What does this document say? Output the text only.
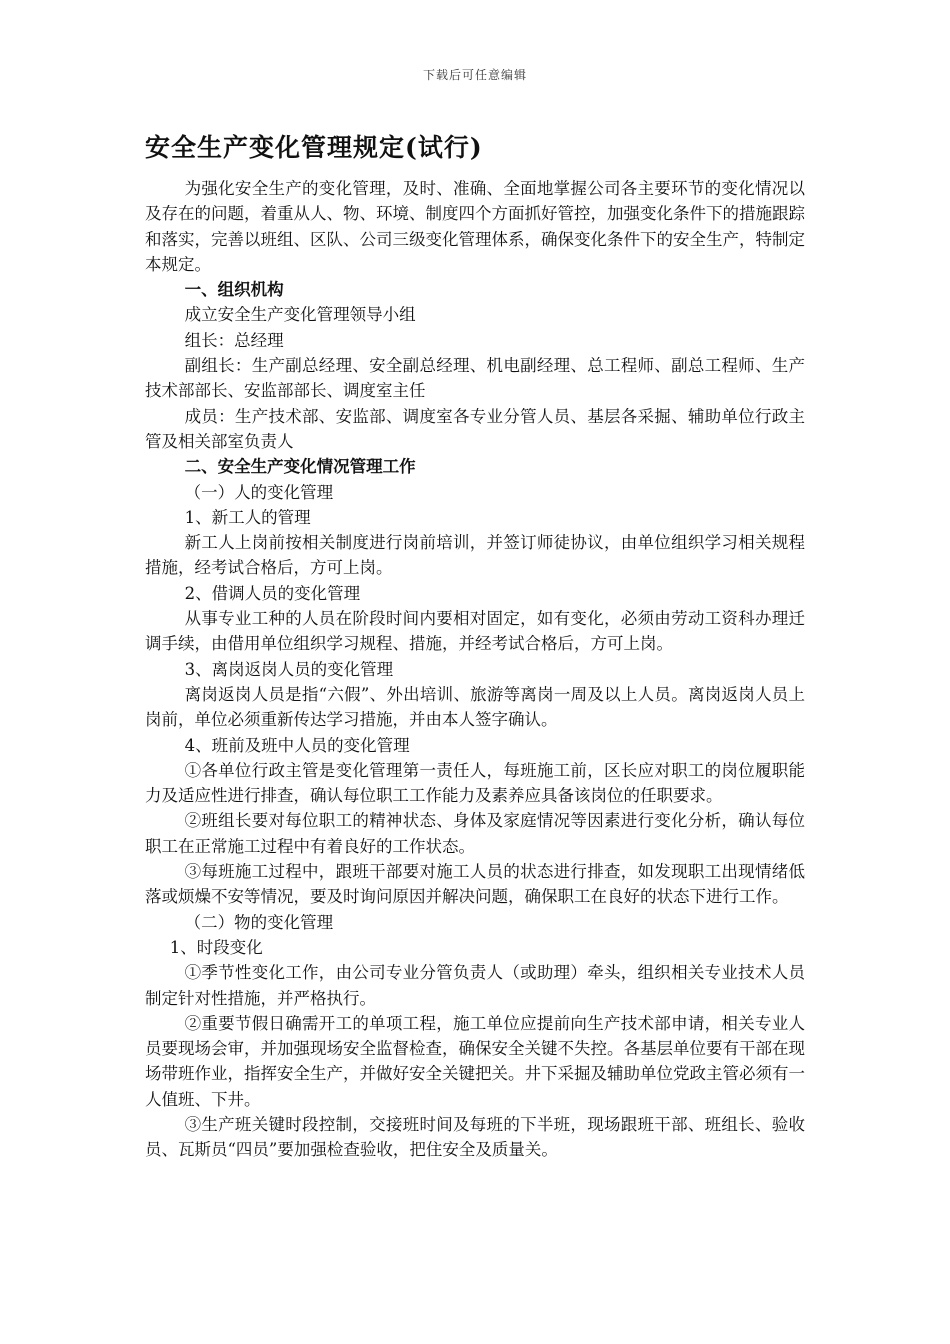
下载后可任意编辑
安全生产变化管理规定(试行)

为强化安全生产的变化管理，及时、准确、全面地掌握公司各主要环节的变化情况以及存在的问题，着重从人、物、环境、制度四个方面抓好管控，加强变化条件下的措施跟踪和落实，完善以班组、区队、公司三级变化管理体系，确保变化条件下的安全生产，特制定本规定。

一、组织机构

成立安全生产变化管理领导小组

组长：总经理

副组长：生产副总经理、安全副总经理、机电副经理、总工程师、副总工程师、生产技术部部长、安监部部长、调度室主任

成员：生产技术部、安监部、调度室各专业分管人员、基层各采掘、辅助单位行政主管及相关部室负责人

二、安全生产变化情况管理工作

（一）人的变化管理

1、新工人的管理

新工人上岗前按相关制度进行岗前培训，并签订师徒协议，由单位组织学习相关规程措施，经考试合格后，方可上岗。

2、借调人员的变化管理

从事专业工种的人员在阶段时间内要相对固定，如有变化，必须由劳动工资科办理迁调手续，由借用单位组织学习规程、措施，并经考试合格后，方可上岗。

3、离岗返岗人员的变化管理

离岗返岗人员是指“六假”、外出培训、旅游等离岗一周及以上人员。离岗返岗人员上岗前，单位必须重新传达学习措施，并由本人签字确认。

4、班前及班中人员的变化管理

①各单位行政主管是变化管理第一责任人，每班施工前，区长应对职工的岗位履职能力及适应性进行排查，确认每位职工工作能力及素养应具备该岗位的任职要求。

②班组长要对每位职工的精神状态、身体及家庭情况等因素进行变化分析，确认每位职工在正常施工过程中有着良好的工作状态。

③每班施工过程中，跟班干部要对施工人员的状态进行排查，如发现职工出现情绪低落或烦燥不安等情况，要及时询问原因并解决问题，确保职工在良好的状态下进行工作。

（二）物的变化管理

1、时段变化

①季节性变化工作，由公司专业分管负责人（或助理）牵头，组织相关专业技术人员制定针对性措施，并严格执行。

②重要节假日确需开工的单项工程，施工单位应提前向生产技术部申请，相关专业人员要现场会审，并加强现场安全监督检查，确保安全关键不失控。各基层单位要有干部在现场带班作业，指挥安全生产，并做好安全关键把关。井下采掘及辅助单位党政主管必须有一人值班、下井。

③生产班关键时段控制，交接班时间及每班的下半班，现场跟班干部、班组长、验收员、瓦斯员“四员”要加强检查验收，把住安全及质量关。
